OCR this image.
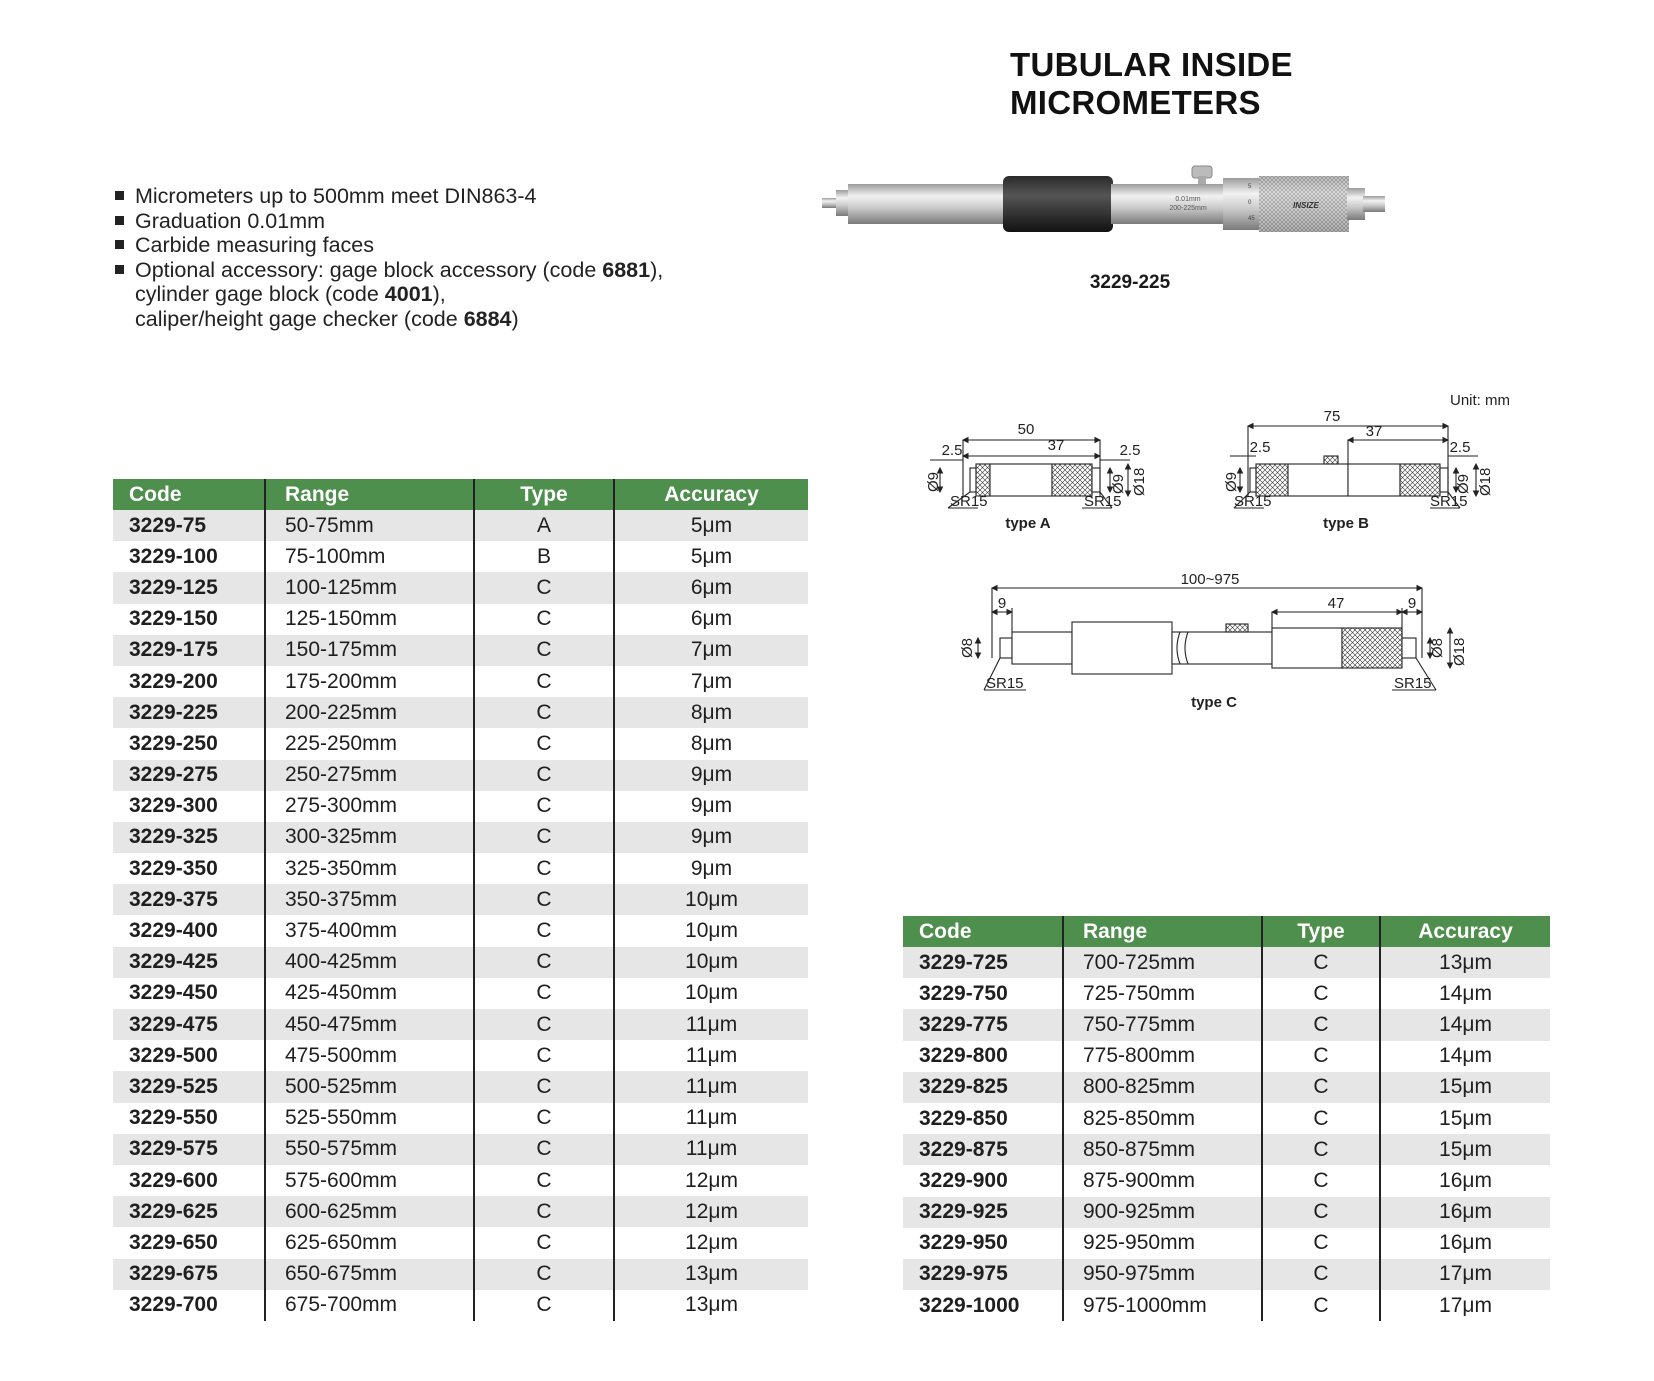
TUBULAR INSIDE MICROMETERS
Micrometers up to 500mm meet DIN863-4
Graduation 0.01mm
Carbide measuring faces
Optional accessory: gage block accessory (code 6881),
cylinder gage block (code 4001),
caliper/height gage checker (code 6884)
0.01mm
200-225mm
5
0
45
INSIZE
3229-225
Unit: mm
50
37
2.5	2.5
Ø9	Ø9 Ø18
SR15	SR15
type A
75
37
2.5	2.5
Ø9	Ø9 Ø18
SR15	SR15
type B
100~975
9	47	9
Ø8	Ø8 Ø18
SR15	SR15
type C
Code	Range	Type	Accuracy
3229-75	50-75mm	A	5μm
3229-100	75-100mm	B	5μm
3229-125	100-125mm	C	6μm
3229-150	125-150mm	C	6μm
3229-175	150-175mm	C	7μm
3229-200	175-200mm	C	7μm
3229-225	200-225mm	C	8μm
3229-250	225-250mm	C	8μm
3229-275	250-275mm	C	9μm
3229-300	275-300mm	C	9μm
3229-325	300-325mm	C	9μm
3229-350	325-350mm	C	9μm
3229-375	350-375mm	C	10μm
3229-400	375-400mm	C	10μm
3229-425	400-425mm	C	10μm
3229-450	425-450mm	C	10μm
3229-475	450-475mm	C	11μm
3229-500	475-500mm	C	11μm
3229-525	500-525mm	C	11μm
3229-550	525-550mm	C	11μm
3229-575	550-575mm	C	11μm
3229-600	575-600mm	C	12μm
3229-625	600-625mm	C	12μm
3229-650	625-650mm	C	12μm
3229-675	650-675mm	C	13μm
3229-700	675-700mm	C	13μm
Code	Range	Type	Accuracy
3229-725	700-725mm	C	13μm
3229-750	725-750mm	C	14μm
3229-775	750-775mm	C	14μm
3229-800	775-800mm	C	14μm
3229-825	800-825mm	C	15μm
3229-850	825-850mm	C	15μm
3229-875	850-875mm	C	15μm
3229-900	875-900mm	C	16μm
3229-925	900-925mm	C	16μm
3229-950	925-950mm	C	16μm
3229-975	950-975mm	C	17μm
3229-1000	975-1000mm	C	17μm
